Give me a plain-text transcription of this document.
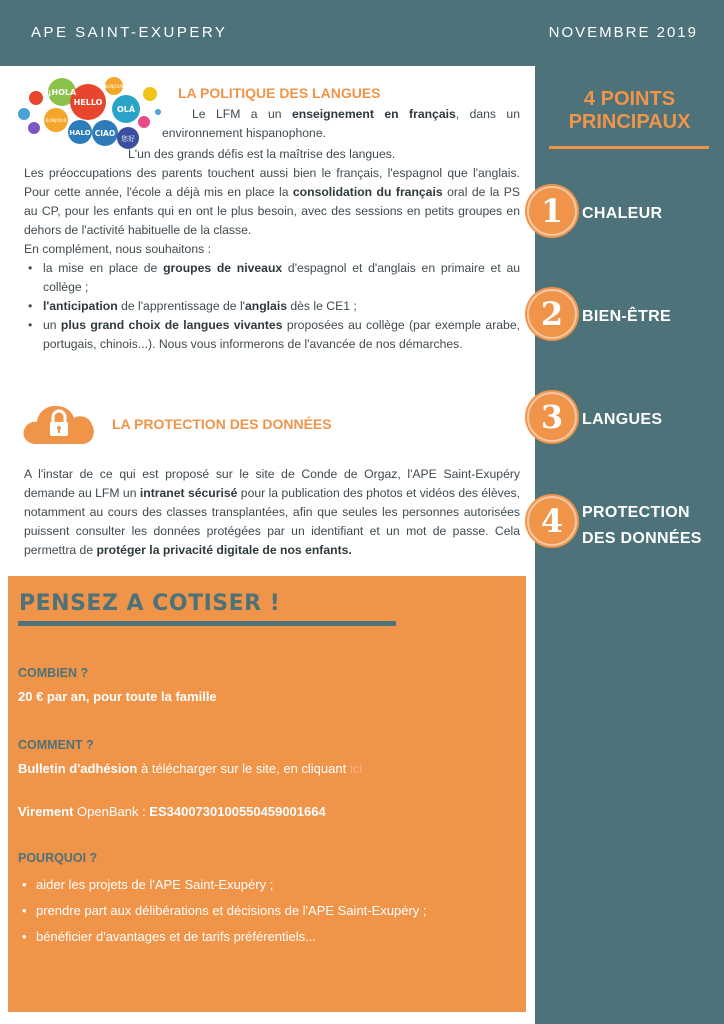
APE SAINT-EXUPERY	NOVEMBRE 2019
4 POINTS
PRINCIPAUX
1 CHALEUR
2 BIEN-ÊTRE
3 LANGUES
4 PROTECTION
DES DONNÉES
¡HOLA
HELLO
BONJOUR
OLÁ
BONJOUR
HALO CIAO
您好
LA POLITIQUE DES LANGUES
Le LFM a un enseignement en français, dans un environnement hispanophone.
L'un des grands défis est la maîtrise des langues.

Les préoccupations des parents touchent aussi bien le français, l'espagnol que l'anglais. Pour cette année, l'école a déjà mis en place la consolidation du français oral de la PS au CP, pour les enfants qui en ont le plus besoin, avec des sessions en petits groupes en dehors de l'activité habituelle de la classe.

En complément, nous souhaitons :

• la mise en place de groupes de niveaux d'espagnol et d'anglais en primaire et au collège ;
• l'anticipation de l'apprentissage de l'anglais dès le CE1 ;
• un plus grand choix de langues vivantes proposées au collège (par exemple arabe, portugais, chinois...). Nous vous informerons de l'avancée de nos démarches.
LA PROTECTION DES DONNÉES

A l'instar de ce qui est proposé sur le site de Conde de Orgaz, l'APE Saint-Exupéry demande au LFM un intranet sécurisé pour la publication des photos et vidéos des élèves, notamment au cours des classes transplantées, afin que seules les personnes autorisées puissent consulter les données protégées par un identifiant et un mot de passe. Cela permettra de protéger la privacité digitale de nos enfants.

PENSEZ A COTISER !
COMBIEN ?
20 € par an, pour toute la famille
COMMENT ?
Bulletin d'adhésion à télécharger sur le site, en cliquant ici
Virement OpenBank : ES3400730100550459001664
POURQUOI ?
• aider les projets de l'APE Saint-Exupéry ;
• prendre part aux délibérations et décisions de l'APE Saint-Exupéry ;
• bénéficier d'avantages et de tarifs préférentiels...
